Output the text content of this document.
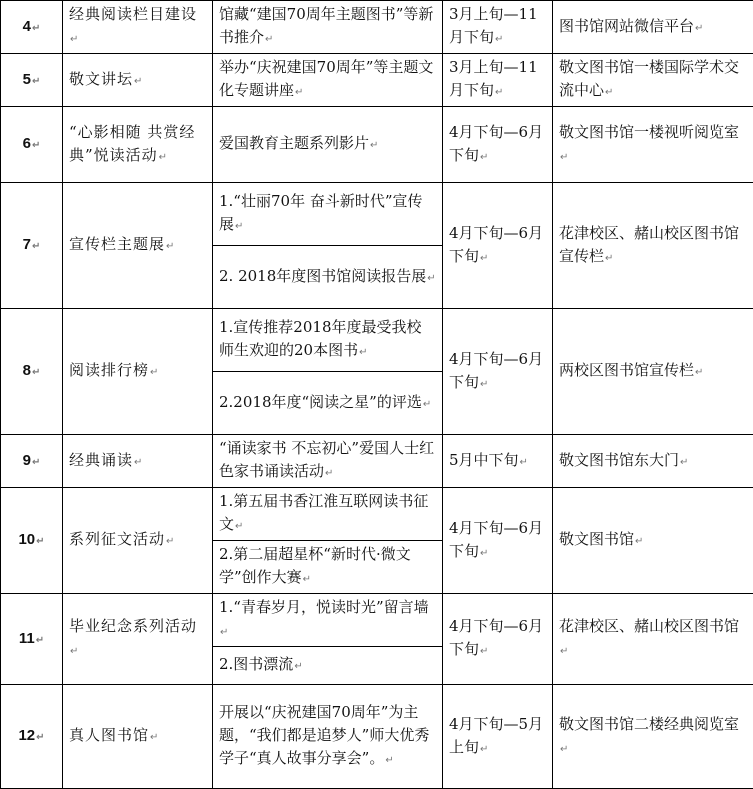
4↵	经典阅读栏目建设↵	馆藏“建国70周年主题图书”等新书推介↵	3月上旬—11月下旬↵	图书馆网站微信平台↵
5↵	敬文讲坛↵	举办“庆祝建国70周年”等主题文化专题讲座↵	3月上旬—11月下旬↵	敬文图书馆一楼国际学术交流中心↵
6↵	“心影相随 共赏经典”悦读活动↵	爱国教育主题系列影片↵	4月下旬—6月下旬↵	敬文图书馆一楼视听阅览室↵
7↵	宣传栏主题展↵	1.“壮丽70年 奋斗新时代”宣传展↵	4月下旬—6月下旬↵	花津校区、赭山校区图书馆宣传栏↵
		2. 2018年度图书馆阅读报告展↵		
8↵	阅读排行榜↵	1.宣传推荐2018年度最受我校师生欢迎的20本图书↵	4月下旬—6月下旬↵	两校区图书馆宣传栏↵
		2.2018年度“阅读之星”的评选↵		
9↵	经典诵读↵	“诵读家书 不忘初心”爱国人士红色家书诵读活动↵	5月中下旬↵	敬文图书馆东大门↵
10↵	系列征文活动↵	1.第五届书香江淮互联网读书征文↵	4月下旬—6月下旬↵	敬文图书馆↵
		2.第二届超星杯“新时代·微文学”创作大赛↵		
11↵	毕业纪念系列活动↵	1.“青春岁月，悦读时光”留言墙↵	4月下旬—6月下旬↵	花津校区、赭山校区图书馆↵
		2.图书漂流↵		
12↵	真人图书馆↵	开展以“庆祝建国70周年”为主题，“我们都是追梦人”师大优秀学子“真人故事分享会”。↵	4月下旬—5月上旬↵	敬文图书馆二楼经典阅览室↵
